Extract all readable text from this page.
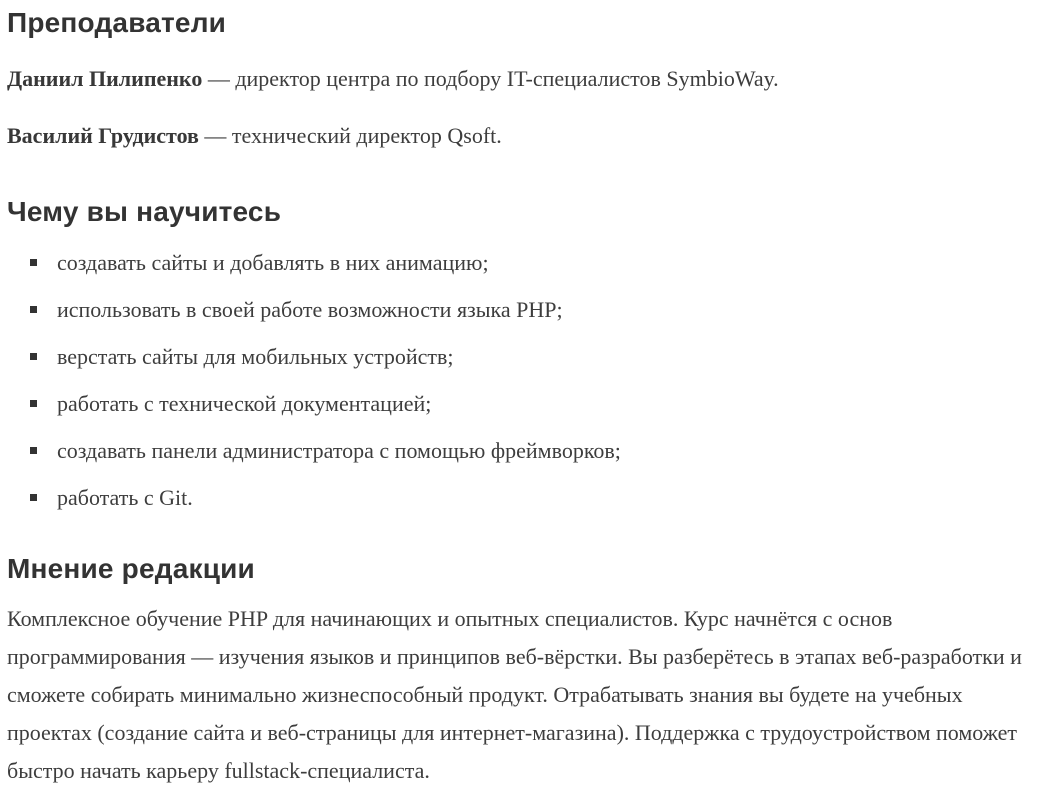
Преподаватели

Даниил Пилипенко — директор центра по подбору IT-специалистов SymbioWay.

Василий Грудистов — технический директор Qsoft.

Чему вы научитесь
создавать сайты и добавлять в них анимацию;
использовать в своей работе возможности языка PHP;
верстать сайты для мобильных устройств;
работать с технической документацией;
создавать панели администратора с помощью фреймворков;
работать с Git.
Мнение редакции

Комплексное обучение PHP для начинающих и опытных специалистов. Курс начнётся с основ программирования — изучения языков и принципов веб-вёрстки. Вы разберётесь в этапах веб-разработки и сможете собирать минимально жизнеспособный продукт. Отрабатывать знания вы будете на учебных проектах (создание сайта и веб-страницы для интернет-магазина). Поддержка с трудоустройством поможет быстро начать карьеру fullstack-специалиста.
